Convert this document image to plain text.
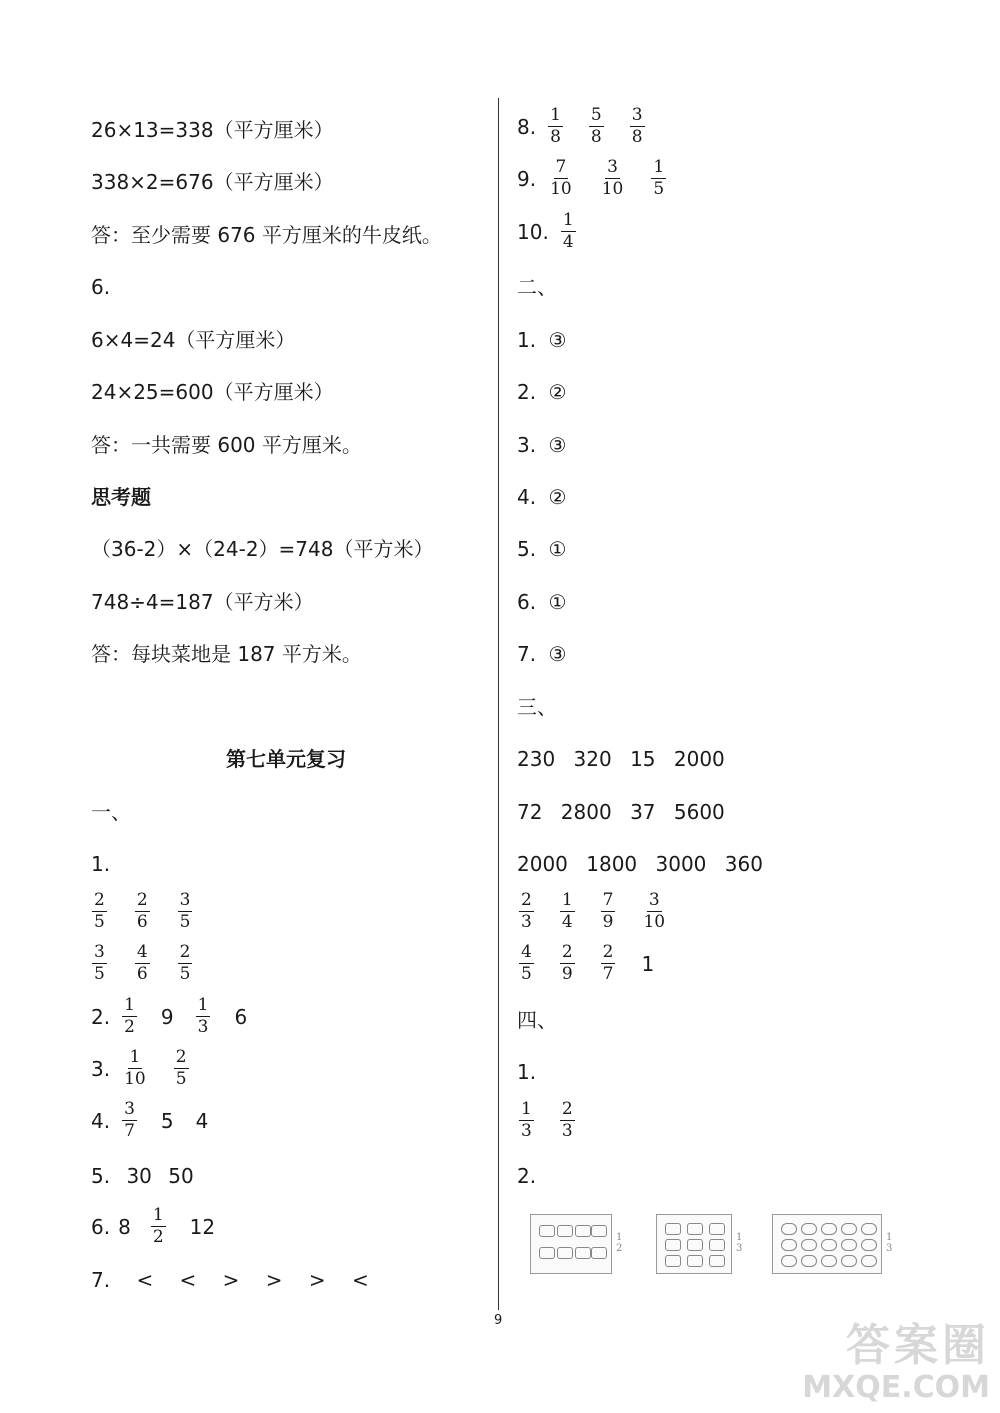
26×13=338（平方厘米）
338×2=676（平方厘米）
答：至少需要 676 平方厘米的牛皮纸。
6.
6×4=24（平方厘米）
24×25=600（平方厘米）
答：一共需要 600 平方厘米。
思考题
（36-2）×（24-2）=748（平方米）
748÷4=187（平方米）
答：每块菜地是 187 平方米。
第七单元复习
一、
1.
$\frac{2}{5} \frac{2}{6} \frac{3}{5}$
$\frac{3}{5} \frac{4}{6} \frac{2}{5}$
2. $\frac{1}{2} 9 \frac{1}{3} 6$
3. $\frac{1}{10} \frac{2}{5}$
4. $\frac{3}{7} 5$ 4
5. 30 50
6. $8 \frac{1}{2} 12$
7. < < > > > <
8. $\frac{1}{8} \frac{5}{8} \frac{3}{8}$
9. $\frac{7}{10} \frac{3}{10} \frac{1}{5}$
10. $\frac{1}{4}$
二、
1. ③
2. ②
3. ③
4. ②
5. ①
6. ①
7. ③
三、
230 320 15 2000
72 2800 37 5600
2000 1800 3000 360
$\frac{2}{3} \frac{1}{4} \frac{7}{9} \frac{3}{10}$
$\frac{4}{5} \frac{2}{9} \frac{2}{7} 1$
四、
1.
$\frac{1}{3} \frac{2}{3}$
2.
1
2
1
3
1
3
9	答案圈
MXQE.COM
